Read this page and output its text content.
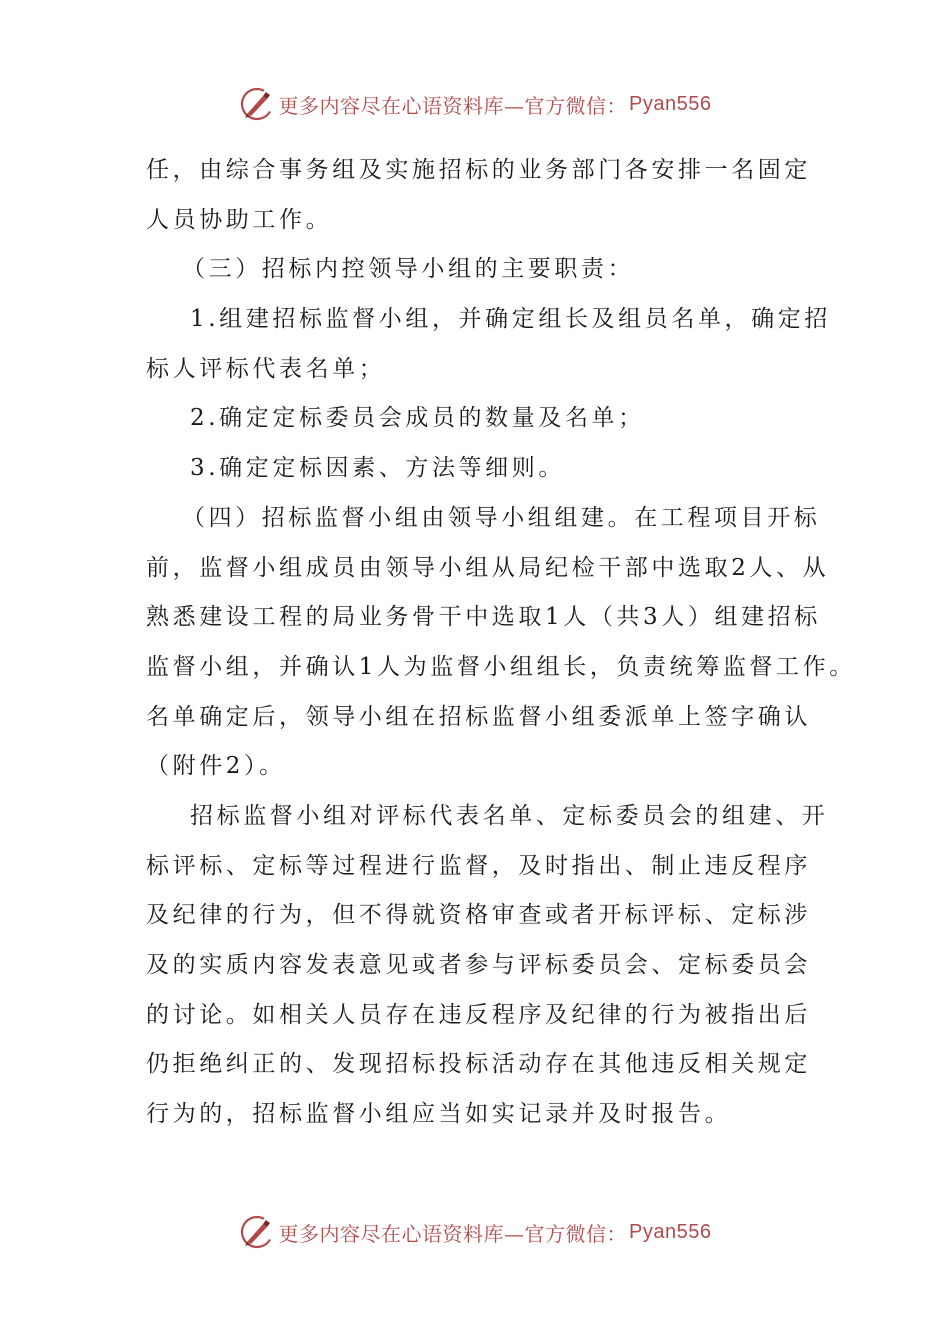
更多内容尽在心语资料库—官方微信： Pyan556
任，由综合事务组及实施招标的业务部门各安排一名固定
人员协助工作。
（三）招标内控领导小组的主要职责：
1.组建招标监督小组，并确定组长及组员名单，确定招
标人评标代表名单；
2.确定定标委员会成员的数量及名单；
3.确定定标因素、方法等细则。
（四）招标监督小组由领导小组组建。在工程项目开标
前，监督小组成员由领导小组从局纪检干部中选取2人、从
熟悉建设工程的局业务骨干中选取1人（共3人）组建招标
监督小组，并确认1人为监督小组组长，负责统筹监督工作。
名单确定后，领导小组在招标监督小组委派单上签字确认
（附件2）。
招标监督小组对评标代表名单、定标委员会的组建、开
标评标、定标等过程进行监督，及时指出、制止违反程序
及纪律的行为，但不得就资格审查或者开标评标、定标涉
及的实质内容发表意见或者参与评标委员会、定标委员会
的讨论。如相关人员存在违反程序及纪律的行为被指出后
仍拒绝纠正的、发现招标投标活动存在其他违反相关规定
行为的，招标监督小组应当如实记录并及时报告。
更多内容尽在心语资料库—官方微信： Pyan556
